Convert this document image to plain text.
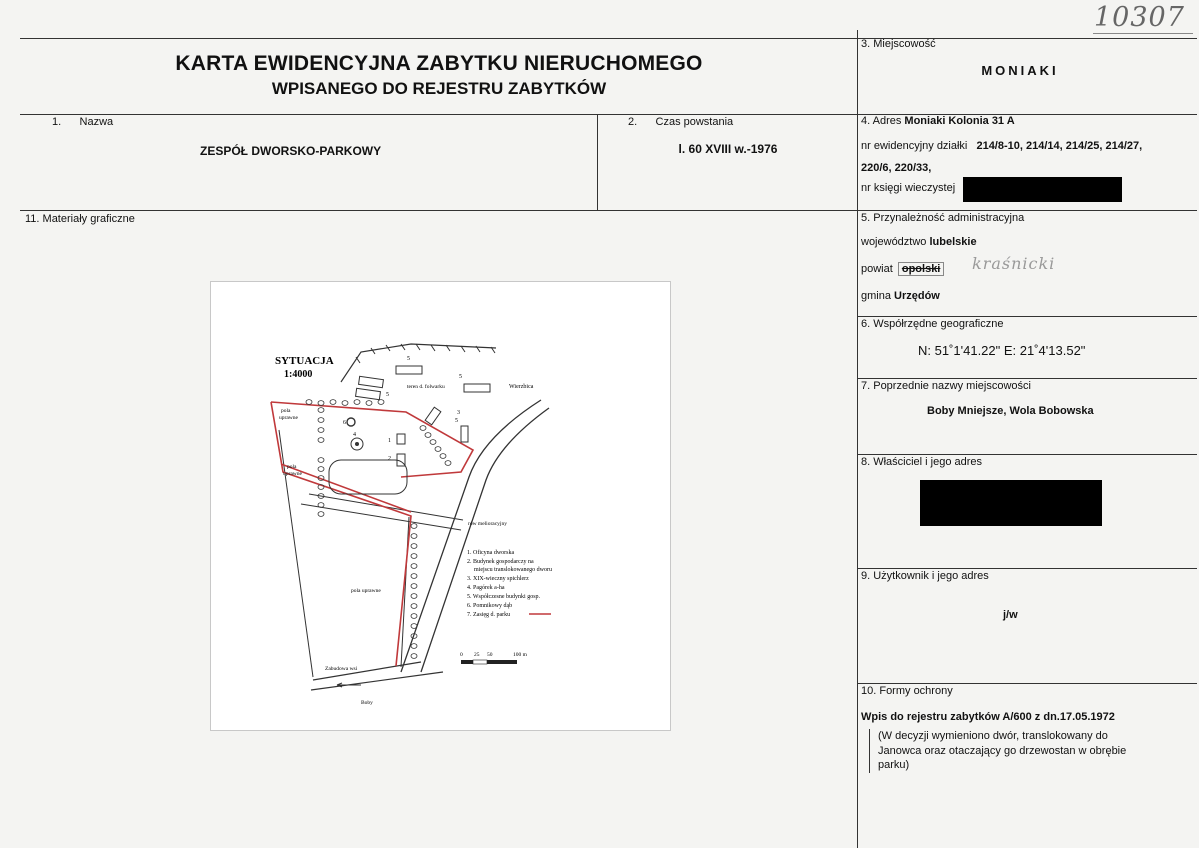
10307
KARTA EWIDENCYJNA ZABYTKU NIERUCHOMEGO
WPISANEGO DO REJESTRU ZABYTKÓW
3. Miejscowość
MONIAKI
1.      Nazwa
ZESPÓŁ DWORSKO-PARKOWY
2.      Czas powstania
l. 60 XVIII w.-1976
4. Adres Moniaki Kolonia 31 A
nr ewidencyjny działki 214/8-10, 214/14, 214/25, 214/27,
220/6, 220/33,
nr księgi wieczystej
11. Materiały graficzne	5. Przynależność administracyjna
województwo lubelskie
powiat opolski kraśnicki
gmina Urzędów
6. Współrzędne geograficzne
N: 51˚1'41.22" E: 21˚4'13.52"
7. Poprzednie nazwy miejscowości
Boby Mniejsze, Wola Bobowska
8. Właściciel i jego adres
9. Użytkownik i jego adres
j/w
10. Formy ochrony
Wpis do rejestru zabytków A/600 z dn.17.05.1972
(W decyzji wymieniono dwór, translokowany do
Janowca oraz otaczający go drzewostan w obrębie
parku)
SYTUACJA
1:4000
5
5
5
5
3
6
4
1
2
teren d. folwarku	Wierzbica
pola
uprawne
pola
uprawne
pola uprawne
rów melioracyjny
Zabudowa wsi
Boby
1. Oficyna dworska
2. Budynek gospodarczy na
miejscu translokowanego dworu
3. XIX-wieczny spichlerz
4. Pagórek a-ha
5. Współczesne budynki gosp.
6. Pomnikowy dąb
7. Zasięg d. parku
0 25 50	100 m
